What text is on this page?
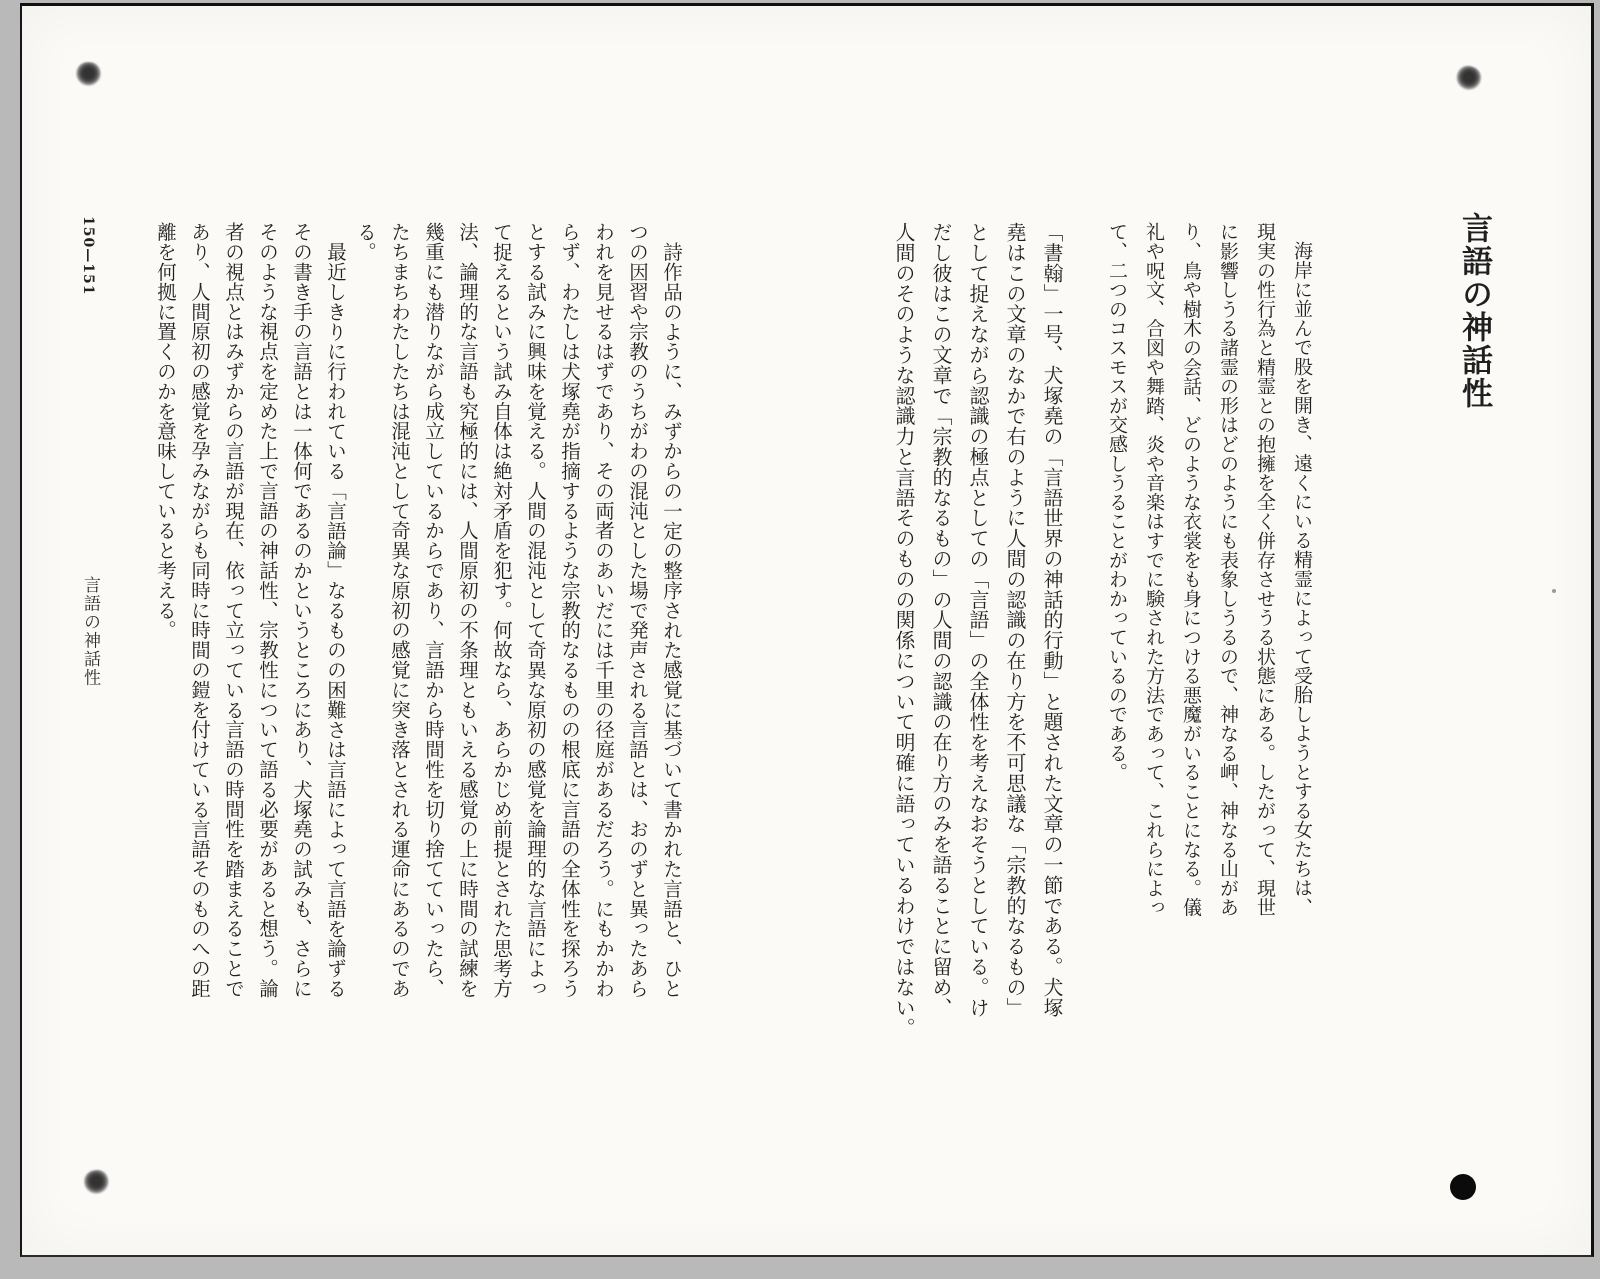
言語の神話性
海岸に並んで股を開き、遠くにいる精霊によって受胎しようとする女たちは、
現実の性行為と精霊との抱擁を全く併存させうる状態にある。したがって、現世
に影響しうる諸霊の形はどのようにも表象しうるので、神なる岬、神なる山があ
り、鳥や樹木の会話、どのような衣裳をも身につける悪魔がいることになる。儀
礼や呪文、合図や舞踏、炎や音楽はすでに験された方法であって、これらによっ
て、二つのコスモスが交感しうることがわかっているのである。
「書翰」一号、犬塚堯の「言語世界の神話的行動」と題された文章の一節である。犬塚
堯はこの文章のなかで右のように人間の認識の在り方を不可思議な「宗教的なるもの」
として捉えながら認識の極点としての「言語」の全体性を考えなおそうとしている。け
だし彼はこの文章で「宗教的なるもの」の人間の認識の在り方のみを語ることに留め、
人間のそのような認識力と言語そのものの関係について明確に語っているわけではない。
詩作品のように、みずからの一定の整序された感覚に基づいて書かれた言語と、ひと
つの因習や宗教のうちがわの混沌とした場で発声される言語とは、おのずと異ったあら
われを見せるはずであり、その両者のあいだには千里の径庭があるだろう。にもかかわ
らず、わたしは犬塚堯が指摘するような宗教的なるものの根底に言語の全体性を探ろう
とする試みに興味を覚える。人間の混沌として奇異な原初の感覚を論理的な言語によっ
て捉えるという試み自体は絶対矛盾を犯す。何故なら、あらかじめ前提とされた思考方
法、論理的な言語も究極的には、人間原初の不条理ともいえる感覚の上に時間の試練を
幾重にも潜りながら成立しているからであり、言語から時間性を切り捨てていったら、
たちまちわたしたちは混沌として奇異な原初の感覚に突き落とされる運命にあるのであ
る。
最近しきりに行われている「言語論」なるものの困難さは言語によって言語を論ずる
その書き手の言語とは一体何であるのかというところにあり、犬塚堯の試みも、さらに
そのような視点を定めた上で言語の神話性、宗教性について語る必要があると想う。論
者の視点とはみずからの言語が現在、依って立っている言語の時間性を踏まえることで
あり、人間原初の感覚を孕みながらも同時に時間の鎧を付けている言語そのものへの距
離を何拠に置くのかを意味していると考える。
150—151
言語の神話性
